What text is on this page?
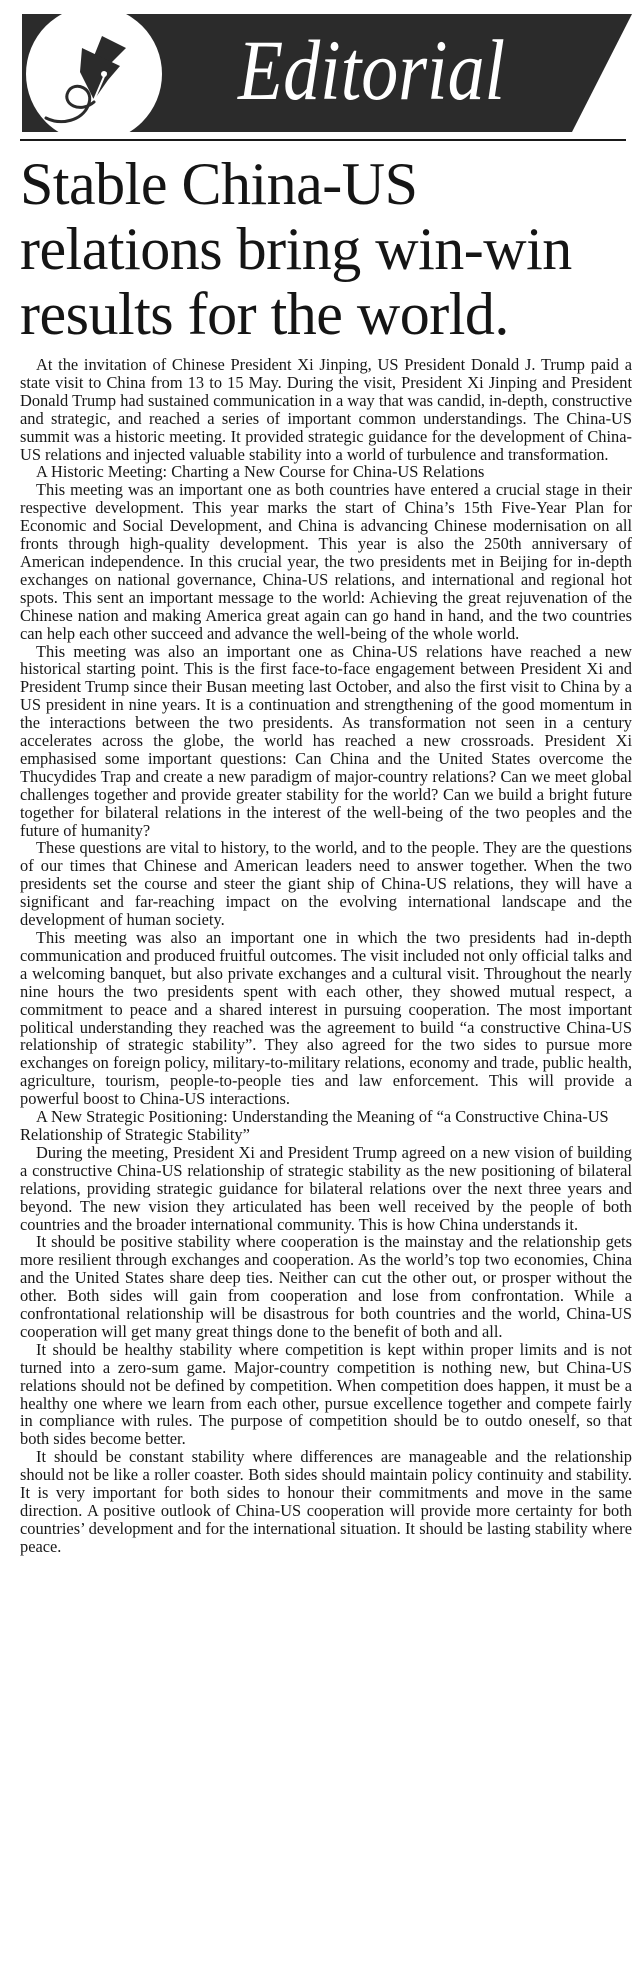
Editorial
Stable China-US relations bring win-win results for the world.

At the invitation of Chinese President Xi Jinping, US President Donald J. Trump paid a state visit to China from 13 to 15 May. During the visit, President Xi Jinping and President Donald Trump had sustained communication in a way that was candid, in-depth, constructive and strategic, and reached a series of important common understandings. The China-US summit was a historic meeting. It provided strategic guidance for the development of China-US relations and injected valuable stability into a world of turbulence and transformation.

A Historic Meeting: Charting a New Course for China-US Relations

This meeting was an important one as both countries have entered a crucial stage in their respective development. This year marks the start of China’s 15th Five-Year Plan for Economic and Social Development, and China is advancing Chinese modernisation on all fronts through high-quality development. This year is also the 250th anniversary of American independence. In this crucial year, the two presidents met in Beijing for in-depth exchanges on national governance, China-US relations, and international and regional hot spots. This sent an important message to the world: Achieving the great rejuvenation of the Chinese nation and making America great again can go hand in hand, and the two countries can help each other succeed and advance the well-being of the whole world.

This meeting was also an important one as China-US relations have reached a new historical starting point. This is the first face-to-face engagement between President Xi and President Trump since their Busan meeting last October, and also the first visit to China by a US president in nine years. It is a continuation and strengthening of the good momentum in the interactions between the two presidents. As transformation not seen in a century accelerates across the globe, the world has reached a new crossroads. President Xi emphasised some important questions: Can China and the United States overcome the Thucydides Trap and create a new paradigm of major-country relations? Can we meet global challenges together and provide greater stability for the world? Can we build a bright future together for bilateral relations in the interest of the well-being of the two peoples and the future of humanity?

These questions are vital to history, to the world, and to the people. They are the questions of our times that Chinese and American leaders need to answer together. When the two presidents set the course and steer the giant ship of China-US relations, they will have a significant and far-reaching impact on the evolving international landscape and the development of human society.

This meeting was also an important one in which the two presidents had in-depth communication and produced fruitful outcomes. The visit included not only official talks and a welcoming banquet, but also private exchanges and a cultural visit. Throughout the nearly nine hours the two presidents spent with each other, they showed mutual respect, a commitment to peace and a shared interest in pursuing cooperation. The most important political understanding they reached was the agreement to build “a constructive China-US relationship of strategic stability”. They also agreed for the two sides to pursue more exchanges on foreign policy, military-to-military relations, economy and trade, public health, agriculture, tourism, people-to-people ties and law enforcement. This will provide a powerful boost to China-US interactions.

A New Strategic Positioning: Understanding the Meaning of “a Constructive China-US Relationship of Strategic Stability”

During the meeting, President Xi and President Trump agreed on a new vision of building a constructive China-US relationship of strategic stability as the new positioning of bilateral relations, providing strategic guidance for bilateral relations over the next three years and beyond. The new vision they articulated has been well received by the people of both countries and the broader international community. This is how China understands it.

It should be positive stability where cooperation is the mainstay and the relationship gets more resilient through exchanges and cooperation. As the world’s top two economies, China and the United States share deep ties. Neither can cut the other out, or prosper without the other. Both sides will gain from cooperation and lose from confrontation. While a confrontational relationship will be disastrous for both countries and the world, China-US cooperation will get many great things done to the benefit of both and all.

It should be healthy stability where competition is kept within proper limits and is not turned into a zero-sum game. Major-country competition is nothing new, but China-US relations should not be defined by competition. When competition does happen, it must be a healthy one where we learn from each other, pursue excellence together and compete fairly in compliance with rules. The purpose of competition should be to outdo oneself, so that both sides become better.

It should be constant stability where differences are manageable and the relationship should not be like a roller coaster. Both sides should maintain policy continuity and stability. It is very important for both sides to honour their commitments and move in the same direction. A positive outlook of China-US cooperation will provide more certainty for both countries’ development and for the international situation. It should be lasting stability where peace.
